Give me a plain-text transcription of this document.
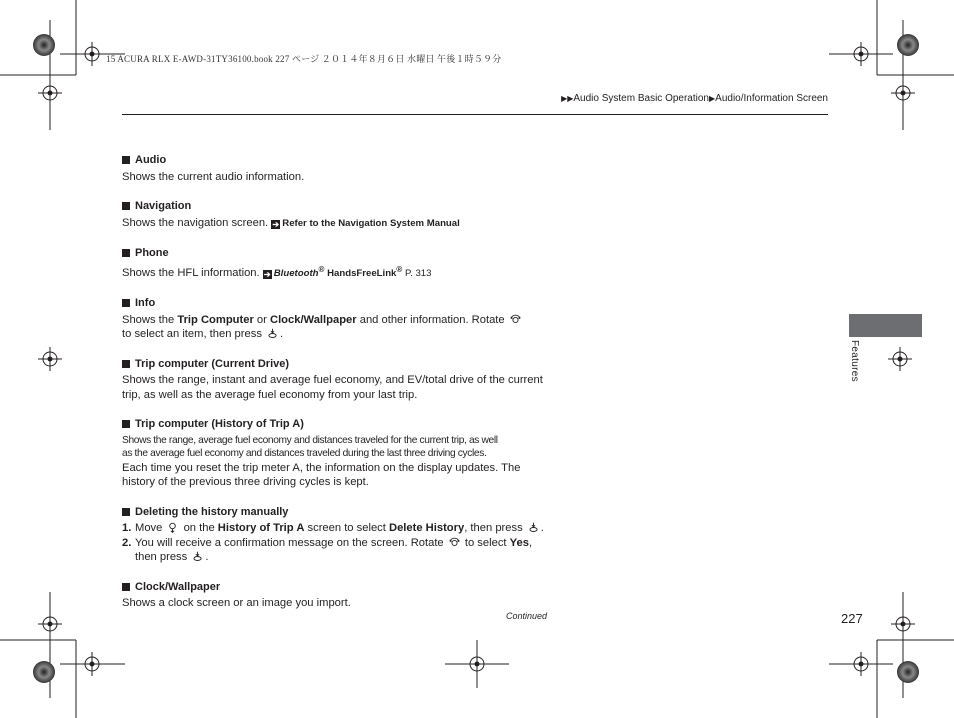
15 ACURA RLX E-AWD-31TY36100.book 227 ページ ２０１４年８月６日 水曜日 午後１時５９分
▶▶Audio System Basic Operation▶Audio/Information Screen
Audio
Shows the current audio information.
Navigation
Shows the navigation screen. ➔ Refer to the Navigation System Manual
Phone
Shows the HFL information. ➔ Bluetooth® HandsFreeLink® P. 313
Info
Shows the Trip Computer or Clock/Wallpaper and other information. Rotate
to select an item, then press .
Trip computer (Current Drive)
Shows the range, instant and average fuel economy, and EV/total drive of the current trip, as well as the average fuel economy from your last trip.
Trip computer (History of Trip A)
Shows the range, average fuel economy and distances traveled for the current trip, as well
as the average fuel economy and distances traveled during the last three driving cycles.
Each time you reset the trip meter A, the information on the display updates. The history of the previous three driving cycles is kept.
Deleting the history manually
1. Move  on the History of Trip A screen to select Delete History, then press .
2. You will receive a confirmation message on the screen. Rotate  to select Yes,
then press .
Clock/Wallpaper
Shows a clock screen or an image you import.
Continued	227
Features
